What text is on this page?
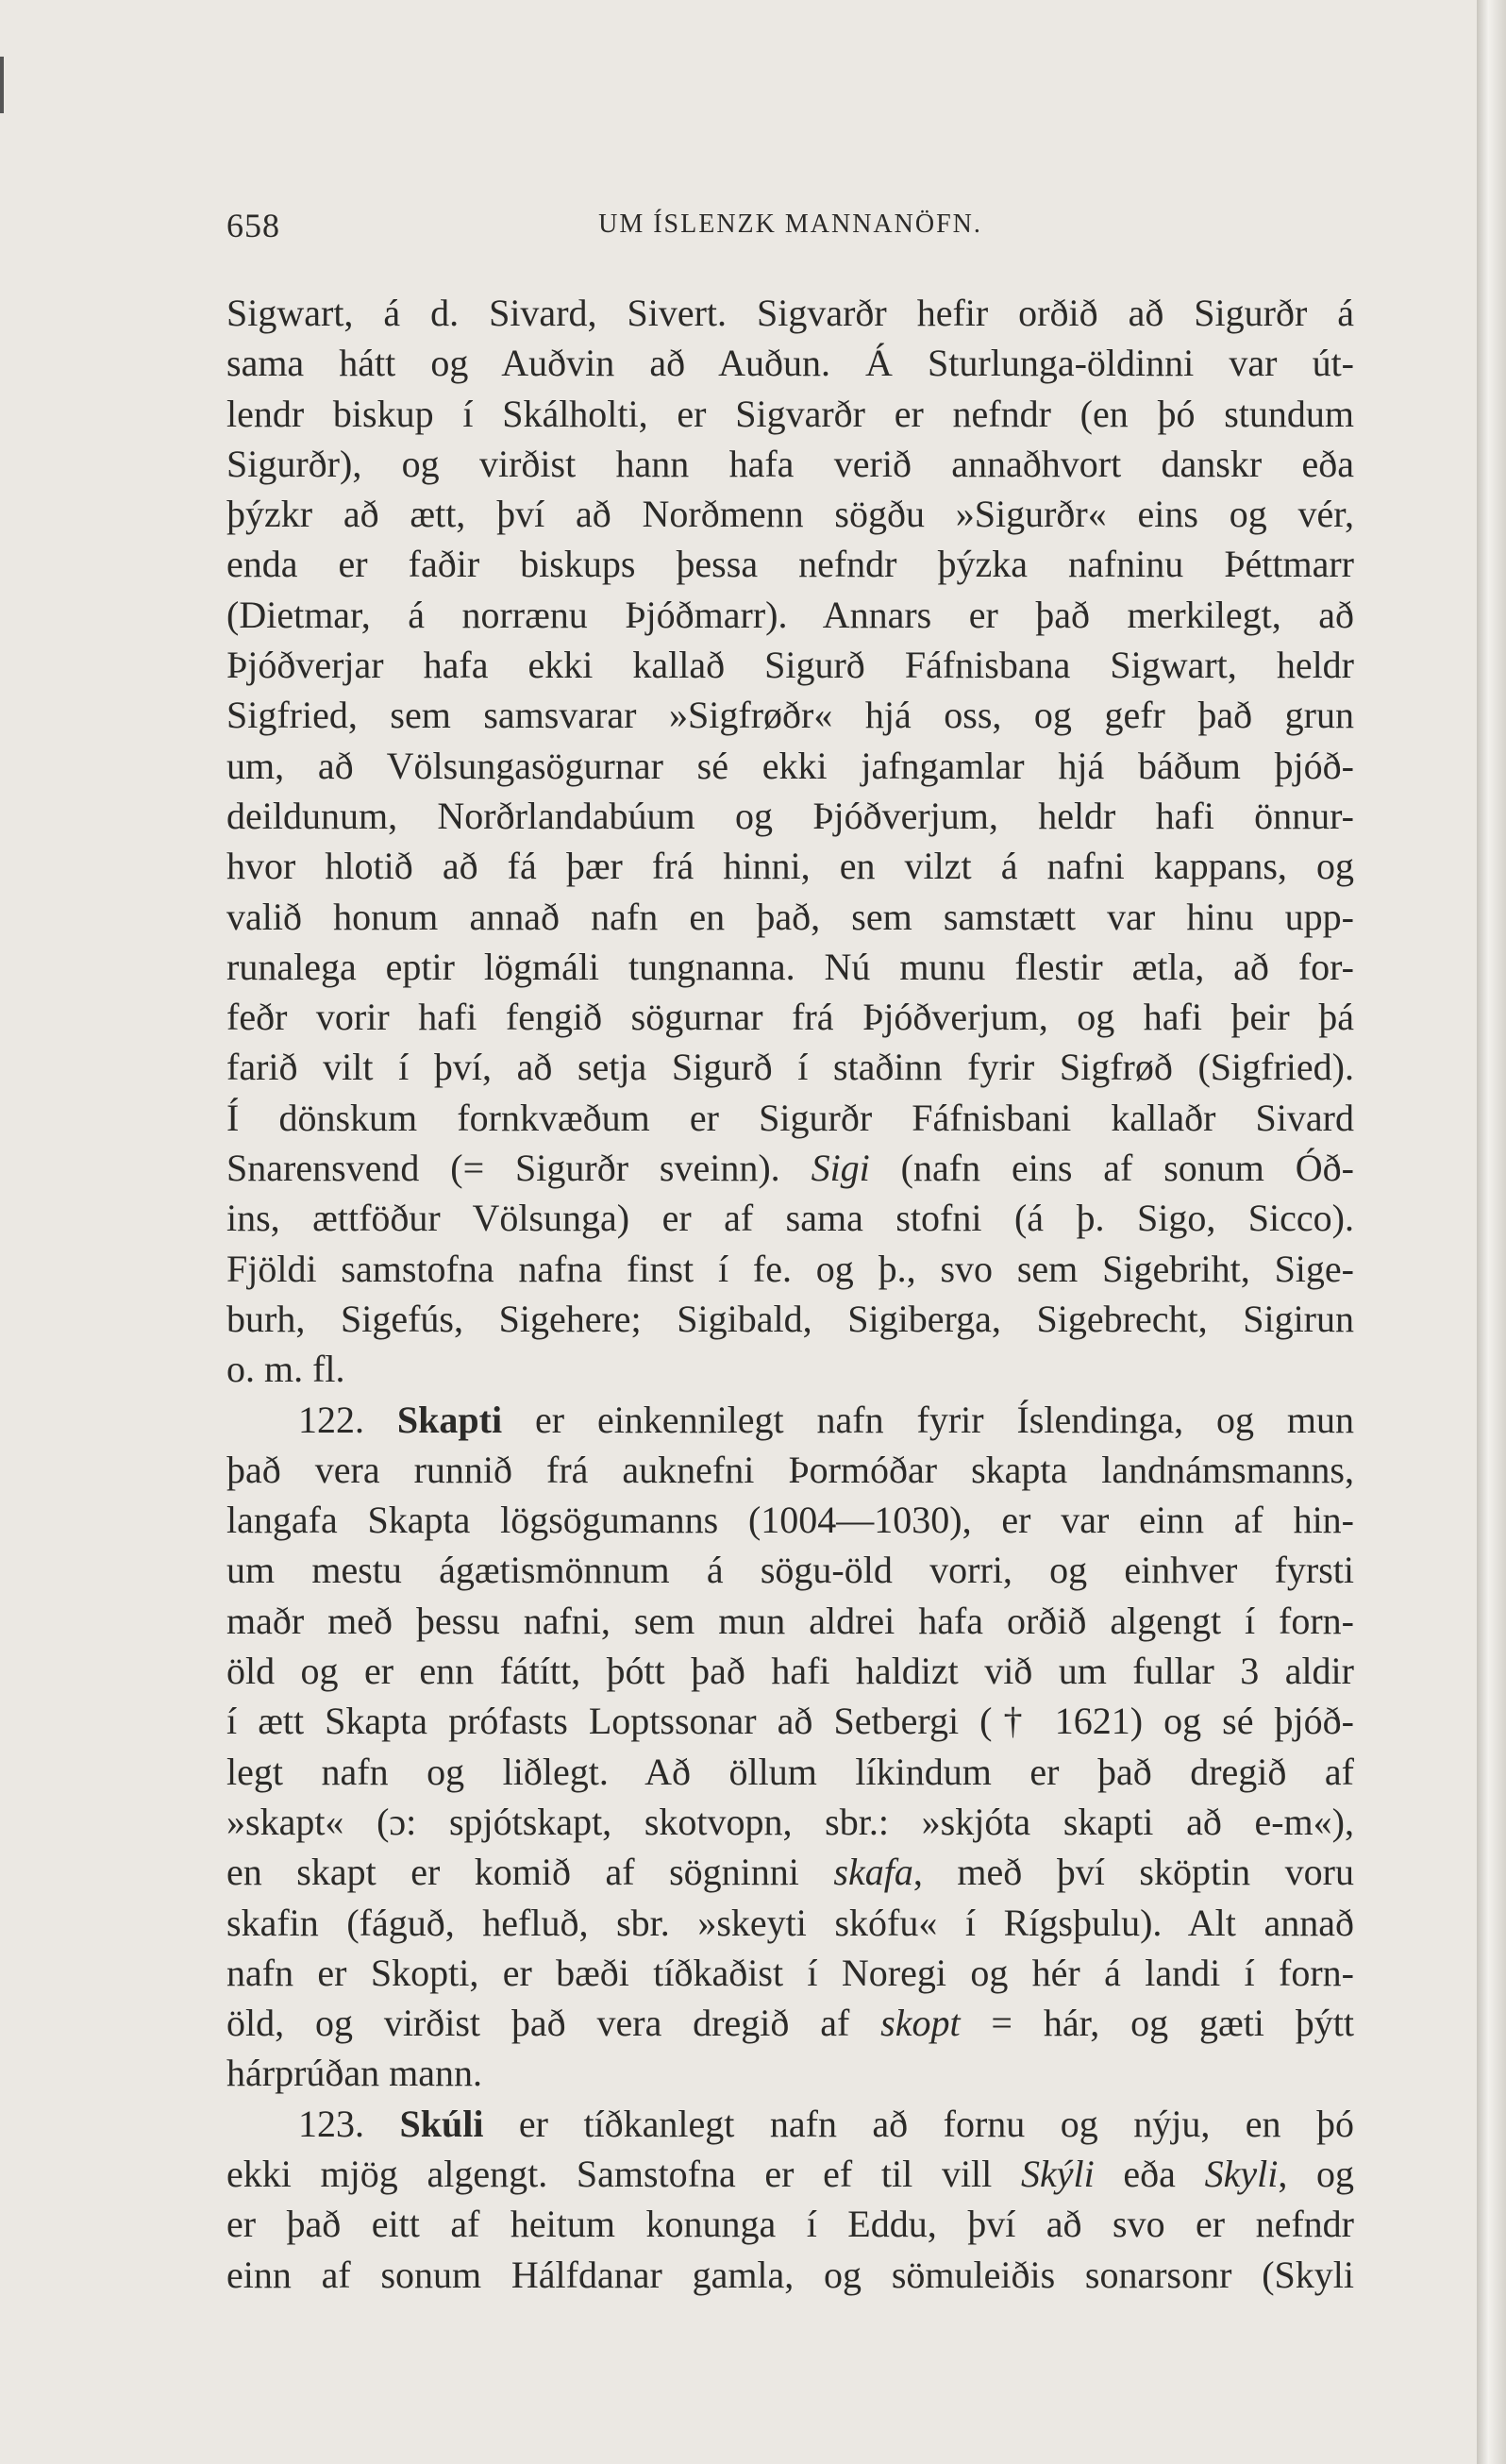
658	UM ÍSLENZK MANNANÖFN.
Sigwart, á d. Sivard, Sivert. Sigvarðr hefir orðið að Sigurðr á
sama hátt og Auðvin að Auðun. Á Sturlunga-öldinni var út-
lendr biskup í Skálholti, er Sigvarðr er nefndr (en þó stundum
Sigurðr), og virðist hann hafa verið annaðhvort danskr eða
þýzkr að ætt, því að Norðmenn sögðu »Sigurðr« eins og vér,
enda er faðir biskups þessa nefndr þýzka nafninu Þéttmarr
(Dietmar, á norrænu Þjóðmarr). Annars er það merkilegt, að
Þjóðverjar hafa ekki kallað Sigurð Fáfnisbana Sigwart, heldr
Sigfried, sem samsvarar »Sigfrøðr« hjá oss, og gefr það grun
um, að Völsungasögurnar sé ekki jafngamlar hjá báðum þjóð-
deildunum, Norðrlandabúum og Þjóðverjum, heldr hafi önnur-
hvor hlotið að fá þær frá hinni, en vilzt á nafni kappans, og
valið honum annað nafn en það, sem samstætt var hinu upp-
runalega eptir lögmáli tungnanna. Nú munu flestir ætla, að for-
feðr vorir hafi fengið sögurnar frá Þjóðverjum, og hafi þeir þá
farið vilt í því, að setja Sigurð í staðinn fyrir Sigfrøð (Sigfried).
Í dönskum fornkvæðum er Sigurðr Fáfnisbani kallaðr Sivard
Snarensvend (= Sigurðr sveinn). Sigi (nafn eins af sonum Óð-
ins, ættföður Völsunga) er af sama stofni (á þ. Sigo, Sicco).
Fjöldi samstofna nafna finst í fe. og þ., svo sem Sigebriht, Sige-
burh, Sigefús, Sigehere; Sigibald, Sigiberga, Sigebrecht, Sigirun
o. m. fl.
122. Skapti er einkennilegt nafn fyrir Íslendinga, og mun
það vera runnið frá auknefni Þormóðar skapta landnámsmanns,
langafa Skapta lögsögumanns (1004—1030), er var einn af hin-
um mestu ágætismönnum á sögu-öld vorri, og einhver fyrsti
maðr með þessu nafni, sem mun aldrei hafa orðið algengt í forn-
öld og er enn fátítt, þótt það hafi haldizt við um fullar 3 aldir
í ætt Skapta prófasts Loptssonar að Setbergi († 1621) og sé þjóð-
legt nafn og liðlegt. Að öllum líkindum er það dregið af
»skapt« (ɔ: spjótskapt, skotvopn, sbr.: »skjóta skapti að e-m«),
en skapt er komið af sögninni skafa, með því sköptin voru
skafin (fáguð, hefluð, sbr. »skeyti skófu« í Rígsþulu). Alt annað
nafn er Skopti, er bæði tíðkaðist í Noregi og hér á landi í forn-
öld, og virðist það vera dregið af skopt = hár, og gæti þýtt
hárprúðan mann.
123. Skúli er tíðkanlegt nafn að fornu og nýju, en þó
ekki mjög algengt. Samstofna er ef til vill Skýli eða Skyli, og
er það eitt af heitum konunga í Eddu, því að svo er nefndr
einn af sonum Hálfdanar gamla, og sömuleiðis sonarsonr (Skyli
